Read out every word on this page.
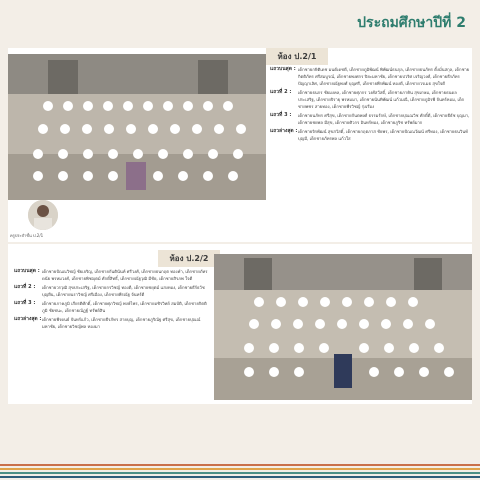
ประถมศึกษาปีที่ 2
ห้อง ป.2/1
แถวบนสุด : เด็กชายกษิติเดช มนต์เดชดี, เด็กชายภูมิพัฒน์ พิพัฒน์ธนกุล, เด็กชายธนภัทร ตั้งมั่นสกุล, เด็กชายกิตติภัทร ศรีสมบูรณ์, เด็กชายพงศกร ปิยะมหาชัย, เด็กชายปวริศ เจริญวงศ์, เด็กชายธีรภัทร ปัญญาเลิศ, เด็กชายณัฐพงศ์ บุญศรี, เด็กชายพีรพัฒน์ ทองดี, เด็กชายวรเมธ สุขใจดี
แถวที่ 2 :	เด็กชายธนกร ชัยมงคล, เด็กชายศุภกร วงศ์สวัสดิ์, เด็กชายภาคิน สุขเกษม, เด็กชายธนดล ประเสริฐ, เด็กชายจิรายุ พรหมมา, เด็กชายนันทิพัฒน์ แก้วมณี, เด็กชายภูมิรพี จันทร์หอม, เด็กชายพชร สายทอง, เด็กชายพีรวิชญ์ รุ่งเรือง
แถวที่ 3 :	เด็กชายนภัทร ศรีสุข, เด็กชายกันตพงศ์ ธรรมรักษ์, เด็กชายปุณณวิช ศักดิ์ดี, เด็กชายธีธัช บุญมา, เด็กชายชยพล มีสุข, เด็กชายศิวกร อินทร์ทอง, เด็กชายภูริช ทรัพย์มาก
แถวล่างสุด : เด็กชายจิรพัฒน์ สุขสวัสดิ์, เด็กชายกฤตภาส ชัยพร, เด็กชายปัณณวัฒน์ ศรีทอง, เด็กชายธนวินท์ บุญมี, เด็กชายภัทรพล แก้วใส
ครูประจำชั้น ป.2/1
ห้อง ป.2/2
แถวบนสุด : เด็กชายปัณณวิชญ์ ชัยเจริญ, เด็กชายกันตินันท์ ศรีวงศ์, เด็กชายธนกฤต ทองคำ, เด็กชายภัทรดนัย พรหมวงศ์, เด็กชายพิชญุตม์ ศักดิ์สิทธิ์, เด็กชายณัฐวุฒิ มีชัย, เด็กชายสิรภพ ใจดี
แถวที่ 2 :	เด็กชายวรวุฒิ สุขประเสริฐ, เด็กชายกรวิชญ์ ทองดี, เด็กชายชยุตม์ แสงทอง, เด็กชายธีร์ธวัช บุญยืน, เด็กชายนราวิชญ์ ศรีเมือง, เด็กชายพีรณัฐ จันทร์ดี
แถวที่ 3 :	เด็กชายภาคภูมิ เกียรติศักดิ์, เด็กชายศุภวิชญ์ พงษ์ไพร, เด็กชายอชิรวิทย์ สมบัติ, เด็กชายกิตติภูมิ ชัยชนะ, เด็กชายณัฏฐ์ ทรัพย์สิน
แถวล่างสุด : เด็กชายพีรดนย์ จันทร์แก้ว, เด็กชายธีรภัทร สายบุญ, เด็กชายภูริณัฐ ศรีสุข, เด็กชายปุณณ์ มหาชัย, เด็กชายวิชญ์พล ทองมา
